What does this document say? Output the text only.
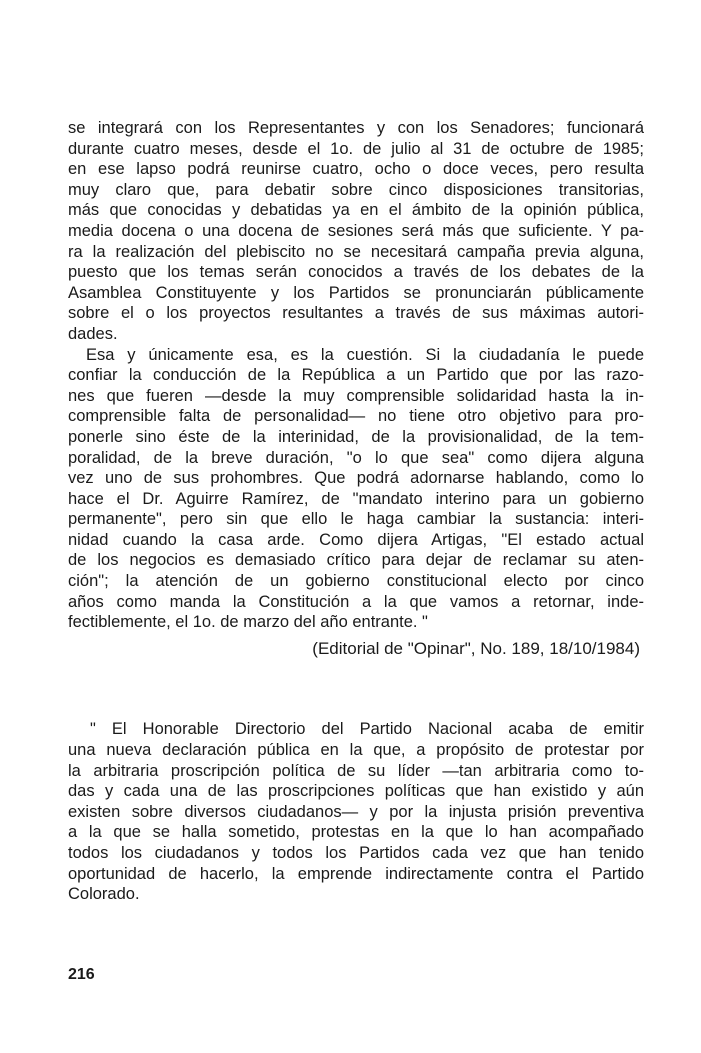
se integrará con los Representantes y con los Senadores; funcionará
durante cuatro meses, desde el 1o. de julio al 31 de octubre de 1985;
en ese lapso podrá reunirse cuatro, ocho o doce veces, pero resulta
muy claro que, para debatir sobre cinco disposiciones transitorias,
más que conocidas y debatidas ya en el ámbito de la opinión pública,
media docena o una docena de sesiones será más que suficiente. Y pa-
ra la realización del plebiscito no se necesitará campaña previa alguna,
puesto que los temas serán conocidos a través de los debates de la
Asamblea Constituyente y los Partidos se pronunciarán públicamente
sobre el o los proyectos resultantes a través de sus máximas autori-
dades.
Esa y únicamente esa, es la cuestión. Si la ciudadanía le puede
confiar la conducción de la República a un Partido que por las razo-
nes que fueren —desde la muy comprensible solidaridad hasta la in-
comprensible falta de personalidad— no tiene otro objetivo para pro-
ponerle sino éste de la interinidad, de la provisionalidad, de la tem-
poralidad, de la breve duración, "o lo que sea" como dijera alguna
vez uno de sus prohombres. Que podrá adornarse hablando, como lo
hace el Dr. Aguirre Ramírez, de "mandato interino para un gobierno
permanente", pero sin que ello le haga cambiar la sustancia: interi-
nidad cuando la casa arde. Como dijera Artigas, "El estado actual
de los negocios es demasiado crítico para dejar de reclamar su aten-
ción"; la atención de un gobierno constitucional electo por cinco
años como manda la Constitución a la que vamos a retornar, inde-
fectiblemente, el 1o. de marzo del año entrante. "
(Editorial de "Opinar", No. 189, 18/10/1984)
" El Honorable Directorio del Partido Nacional acaba de emitir
una nueva declaración pública en la que, a propósito de protestar por
la arbitraria proscripción política de su líder —tan arbitraria como to-
das y cada una de las proscripciones políticas que han existido y aún
existen sobre diversos ciudadanos— y por la injusta prisión preventiva
a la que se halla sometido, protestas en la que lo han acompañado
todos los ciudadanos y todos los Partidos cada vez que han tenido
oportunidad de hacerlo, la emprende indirectamente contra el Partido
Colorado.
216
